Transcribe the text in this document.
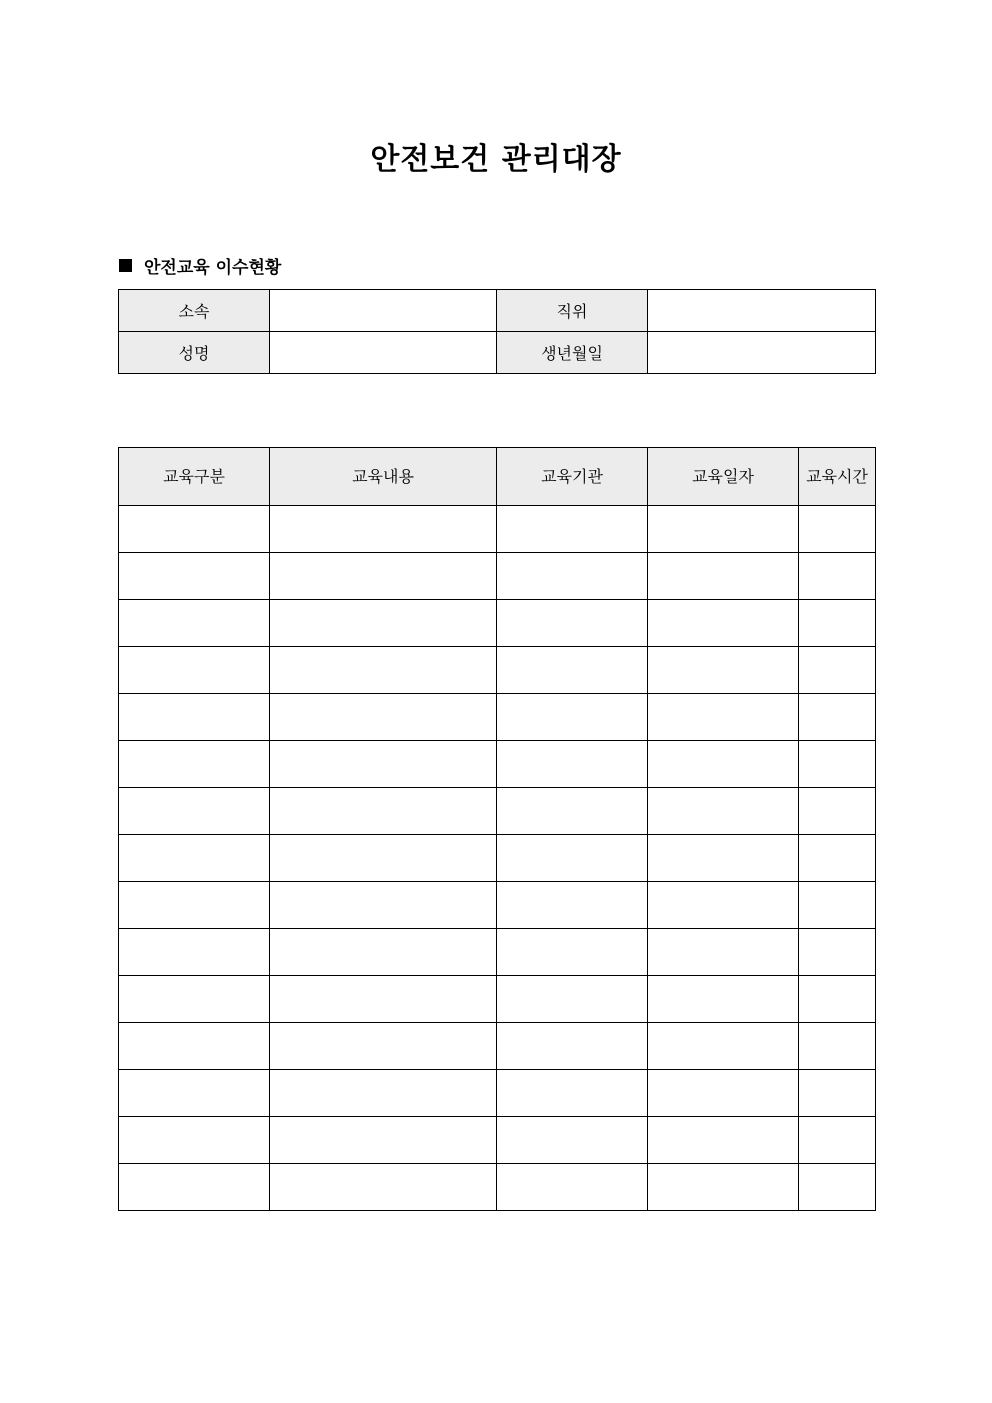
안전보건 관리대장
안전교육 이수현황
소속		직위	
성명		생년월일	
교육구분	교육내용	교육기관	교육일자	교육시간
